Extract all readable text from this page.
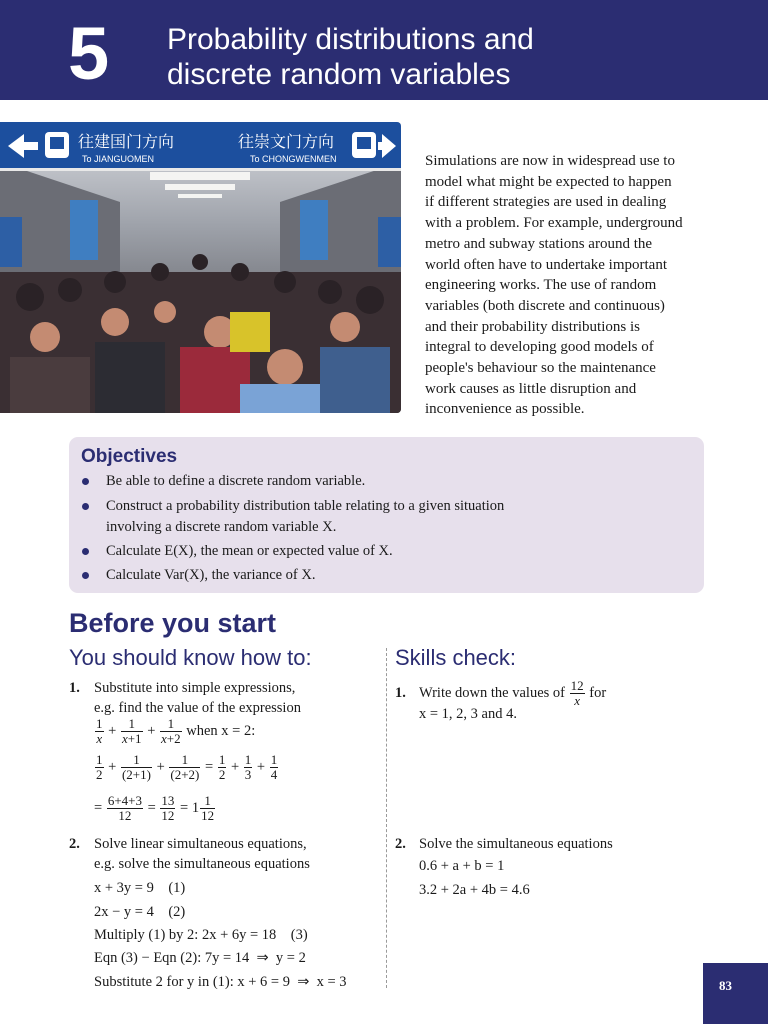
5 Probability distributions and
discrete random variables
往建国门方向
To JIANGUOMEN
往崇文门方向
To CHONGWENMEN	Simulations are now in widespread use to
model what might be expected to happen
if different strategies are used in dealing
with a problem. For example, underground
metro and subway stations around the
world often have to undertake important
engineering works. The use of random
variables (both discrete and continuous)
and their probability distributions is
integral to developing good models of
people's behaviour so the maintenance
work causes as little disruption and
inconvenience as possible.
Objectives
Be able to define a discrete random variable.
Construct a probability distribution table relating to a given situation
involving a discrete random variable X.
Calculate E(X), the mean or expected value of X.
Calculate Var(X), the variance of X.
Before you start
You should know how to:	Skills check:
1. Substitute into simple expressions,
e.g. find the value of the expression
$\frac{1}{x} + \frac{1}{x+1} + \frac{1}{x+2}$ when x = 2:
$\frac{1}{2} + \frac{1}{(2+1)} + \frac{1}{(2+2)} = \frac{1}{2} + \frac{1}{3} + \frac{1}{4}$
= $\frac{6+4+3}{12} = \frac{13}{12} = 1 \frac{1}{12}$
2. Solve linear simultaneous equations,
e.g. solve the simultaneous equations
x + 3y = 9    (1)
2x − y = 4    (2)
Multiply (1) by 2: 2x + 6y = 18    (3)
Eqn (3) − Eqn (2): 7y = 14  ⇒  y = 2
Substitute 2 for y in (1): x + 6 = 9  ⇒  x = 3
1. Write down the values of $\frac{12}{x}$ for
x = 1, 2, 3 and 4.
2. Solve the simultaneous equations
0.6 + a + b = 1
3.2 + 2a + 4b = 4.6
83
